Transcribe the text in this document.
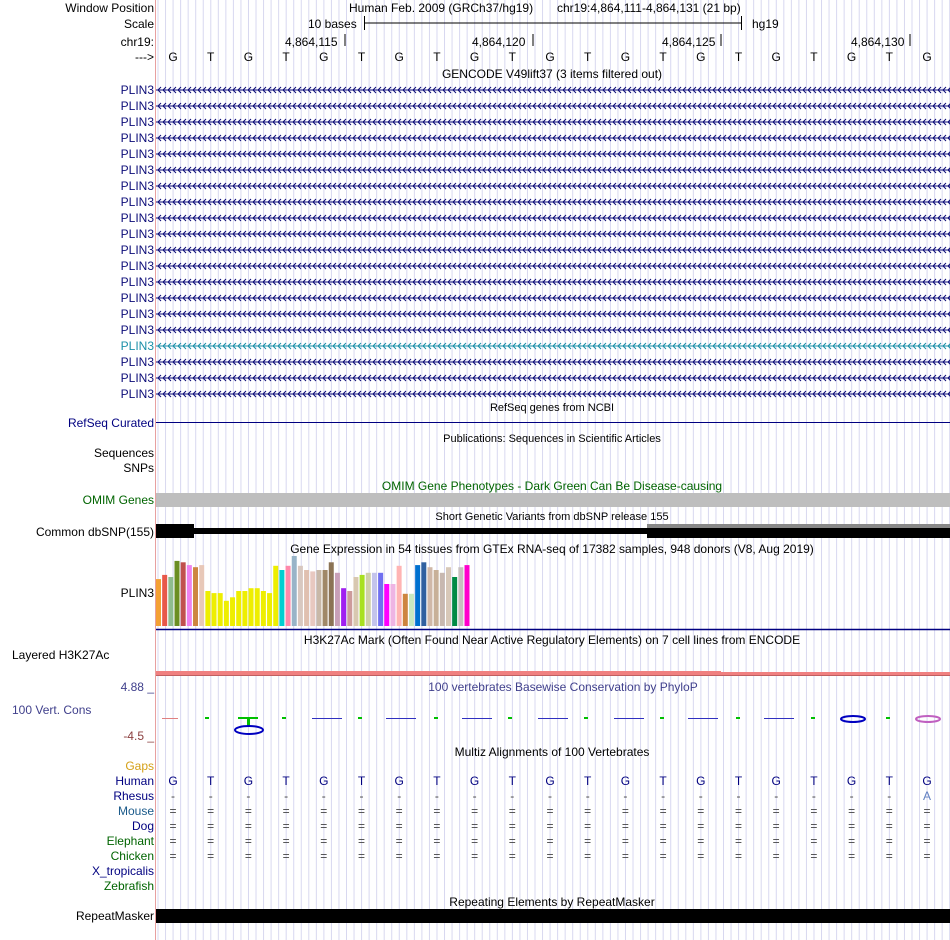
Window Position	Human Feb. 2009 (GRCh37/hg19) chr19:4,864,111-4,864,131 (21 bp)
Scale	10 bases	hg19
chr19:	4,864,115	4,864,120	4,864,125	4,864,130
---> G T G T G T G T G T G T G T G T G T G T G
GENCODE V49lift37 (3 items filtered out)
PLIN3
PLIN3
PLIN3
PLIN3
PLIN3
PLIN3
PLIN3
PLIN3
PLIN3
PLIN3
PLIN3
PLIN3
PLIN3
PLIN3
PLIN3
PLIN3
PLIN3
PLIN3
PLIN3
PLIN3
RefSeq genes from NCBI
RefSeq Curated
Publications: Sequences in Scientific Articles
Sequences
SNPs
OMIM Gene Phenotypes - Dark Green Can Be Disease-causing
OMIM Genes
Short Genetic Variants from dbSNP release 155
Common dbSNP(155)
Gene Expression in 54 tissues from GTEx RNA-seq of 17382 samples, 948 donors (V8, Aug 2019)
PLIN3
H3K27Ac Mark (Often Found Near Active Regulatory Elements) on 7 cell lines from ENCODE
Layered H3K27Ac
100 vertebrates Basewise Conservation by PhyloP
4.88 _
100 Vert. Cons
-4.5 _
Multiz Alignments of 100 Vertebrates
Gaps
Human G T G T G T G T G T G T G T G T G T G T G
Rhesus -	-	-	-	-	-	-	-	-	-	-	-	-	-	-	-	-	-	-	-	A
Mouse =	=	=	=	=	=	=	=	=	=	=	=	=	=	=	=	=	=	=	=	=
Dog =	=	=	=	=	=	=	=	=	=	=	=	=	=	=	=	=	=	=	=	=
Elephant =	=	=	=	=	=	=	=	=	=	=	=	=	=	=	=	=	=	=	=	=
Chicken =	=	=	=	=	=	=	=	=	=	=	=	=	=	=	=	=	=	=	=	=
X_tropicalis
Zebrafish
Repeating Elements by RepeatMasker
RepeatMasker
